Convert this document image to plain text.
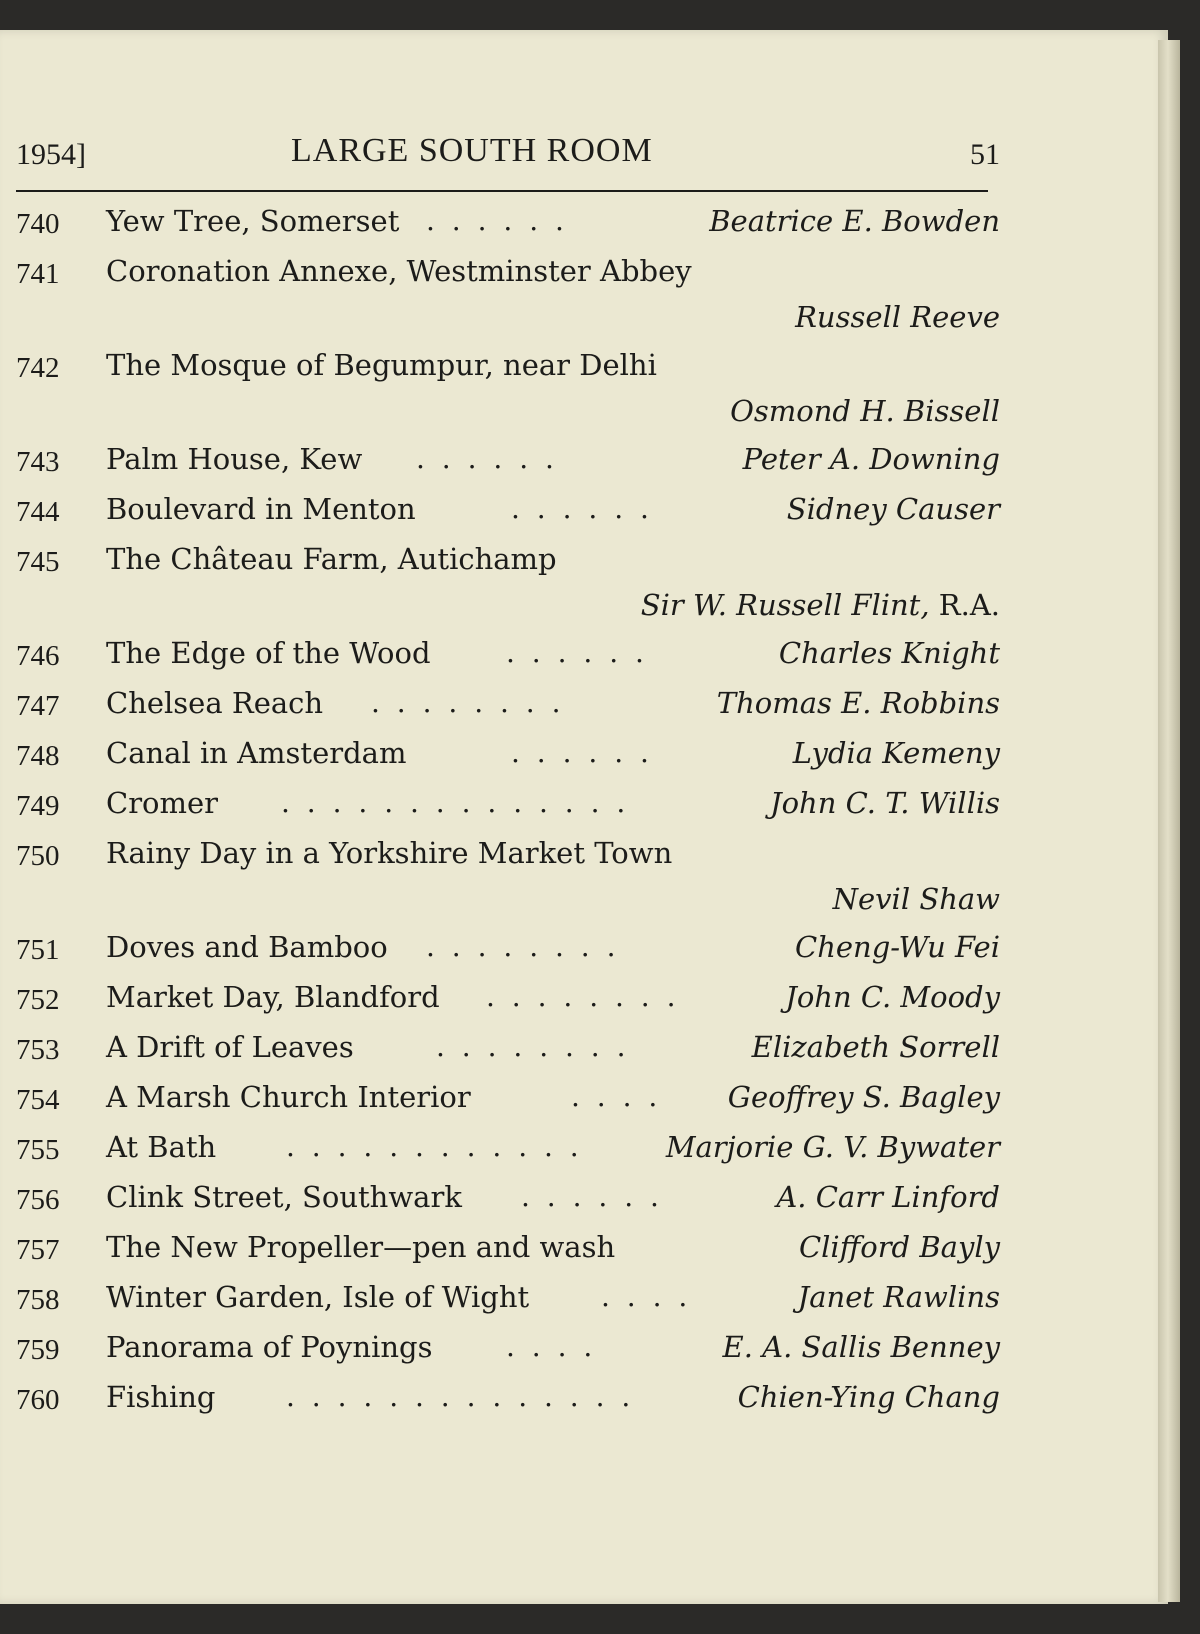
1954]	LARGE SOUTH ROOM	51
740 Yew Tree, Somerset . . . . . .	Beatrice E. Bowden
741 Coronation Annexe, Westminster Abbey
Russell Reeve
742 The Mosque of Begumpur, near Delhi
Osmond H. Bissell
743 Palm House, Kew . . . . . .	Peter A. Downing
744 Boulevard in Menton	. . . . . .	Sidney Causer
745 The Château Farm, Autichamp
Sir W. Russell Flint, R.A.
746 The Edge of the Wood	. . . . . .	Charles Knight
747 Chelsea Reach . . . . . . . .	Thomas E. Robbins
748 Canal in Amsterdam	. . . . . .	Lydia Kemeny
749 Cromer . . . . . . . . . . . . . .	John C. T. Willis
750 Rainy Day in a Yorkshire Market Town
Nevil Shaw
751 Doves and Bamboo . . . . . . . .	Cheng-Wu Fei
752 Market Day, Blandford . . . . . . . .	John C. Moody
753 A Drift of Leaves	. . . . . . . .	Elizabeth Sorrell
754 A Marsh Church Interior	. . . . Geoffrey S. Bagley
755 At Bath . . . . . . . . . . . .	Marjorie G. V. Bywater
756 Clink Street, Southwark . . . . . .	A. Carr Linford
757 The New Propeller—pen and wash	Clifford Bayly
758 Winter Garden, Isle of Wight	. . . .	Janet Rawlins
759 Panorama of Poynings	. . . .	E. A. Sallis Benney
760 Fishing	. . . . . . . . . . . . . .	Chien-Ying Chang
